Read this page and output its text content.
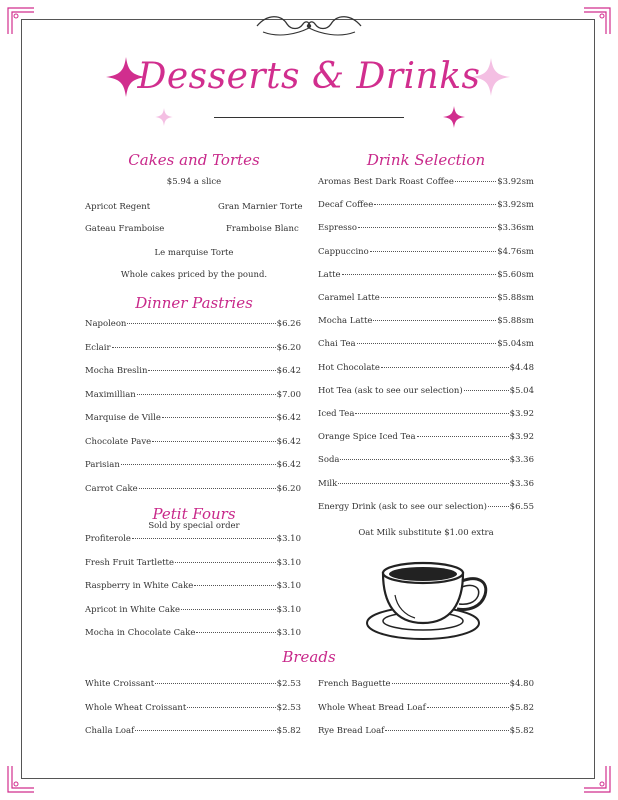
Desserts & Drinks
Cakes and Tortes
$5.94 a slice
Apricot Regent	Gran Marnier Torte
Gateau Framboise	Framboise Blanc
Le marquise Torte
Whole cakes priced by the pound.
Dinner Pastries
Napoleon	$6.26
Eclair	$6.20
Mocha Breslin	$6.42
Maximillian	$7.00
Marquise de Ville	$6.42
Chocolate Pave	$6.42
Parisian	$6.42
Carrot Cake	$6.20
Petit Fours
Sold by special order
Profiterole	$3.10
Fresh Fruit Tartlette	$3.10
Raspberry in White Cake	$3.10
Apricot in White Cake	$3.10
Mocha in Chocolate Cake	$3.10
Drink Selection
Aromas Best Dark Roast Coffee	$3.92sm
Decaf Coffee	$3.92sm
Espresso	$3.36sm
Cappuccino	$4.76sm
Latte	$5.60sm
Caramel Latte	$5.88sm
Mocha Latte	$5.88sm
Chai Tea	$5.04sm
Hot Chocolate	$4.48
Hot Tea (ask to see our selection)	$5.04
Iced Tea	$3.92
Orange Spice Iced Tea	$3.92
Soda	$3.36
Milk	$3.36
Energy Drink (ask to see our selection)	$6.55
Oat Milk substitute $1.00 extra
Breads
White Croissant	$2.53
Whole Wheat Croissant	$2.53
Challa Loaf	$5.82
French Baguette	$4.80
Whole Wheat Bread Loaf	$5.82
Rye Bread Loaf	$5.82
